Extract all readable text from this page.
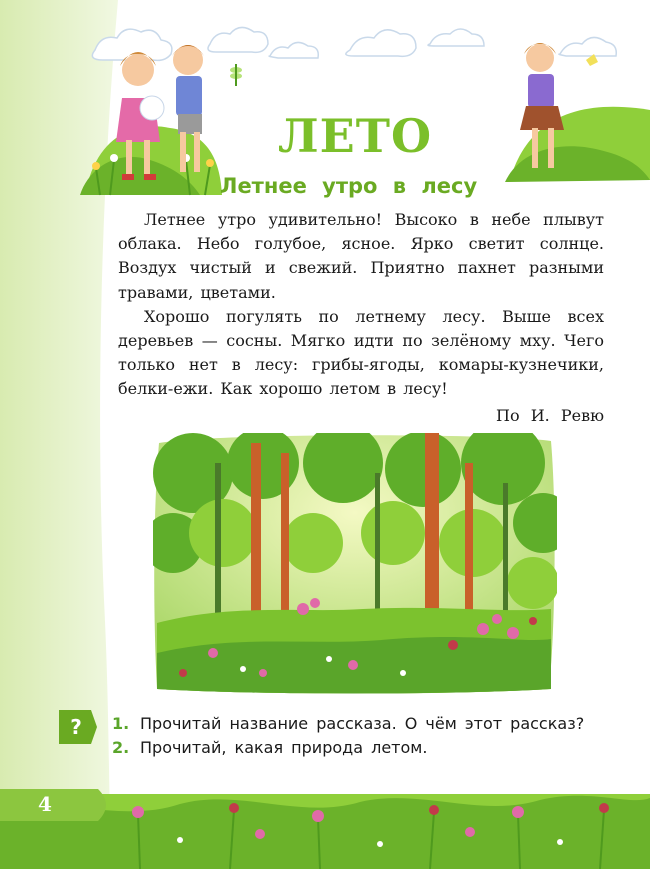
ЛЕТО
Летнее утро в лесу

Летнее утро удивительно! Высоко в небе плывут облака. Небо голубое, ясное. Ярко светит солнце. Воздух чистый и свежий. Приятно пахнет разными травами, цветами.

Хорошо погулять по летнему лесу. Выше всех деревьев — сосны. Мягко идти по зелёному мху. Чего только нет в лесу: грибы-ягоды, комары-кузнечики, белки-ежи. Как хорошо летом в лесу!

По И. Ревю
?	1. Прочитай название рассказа. О чём этот рассказ?
2. Прочитай, какая природа летом.
4
